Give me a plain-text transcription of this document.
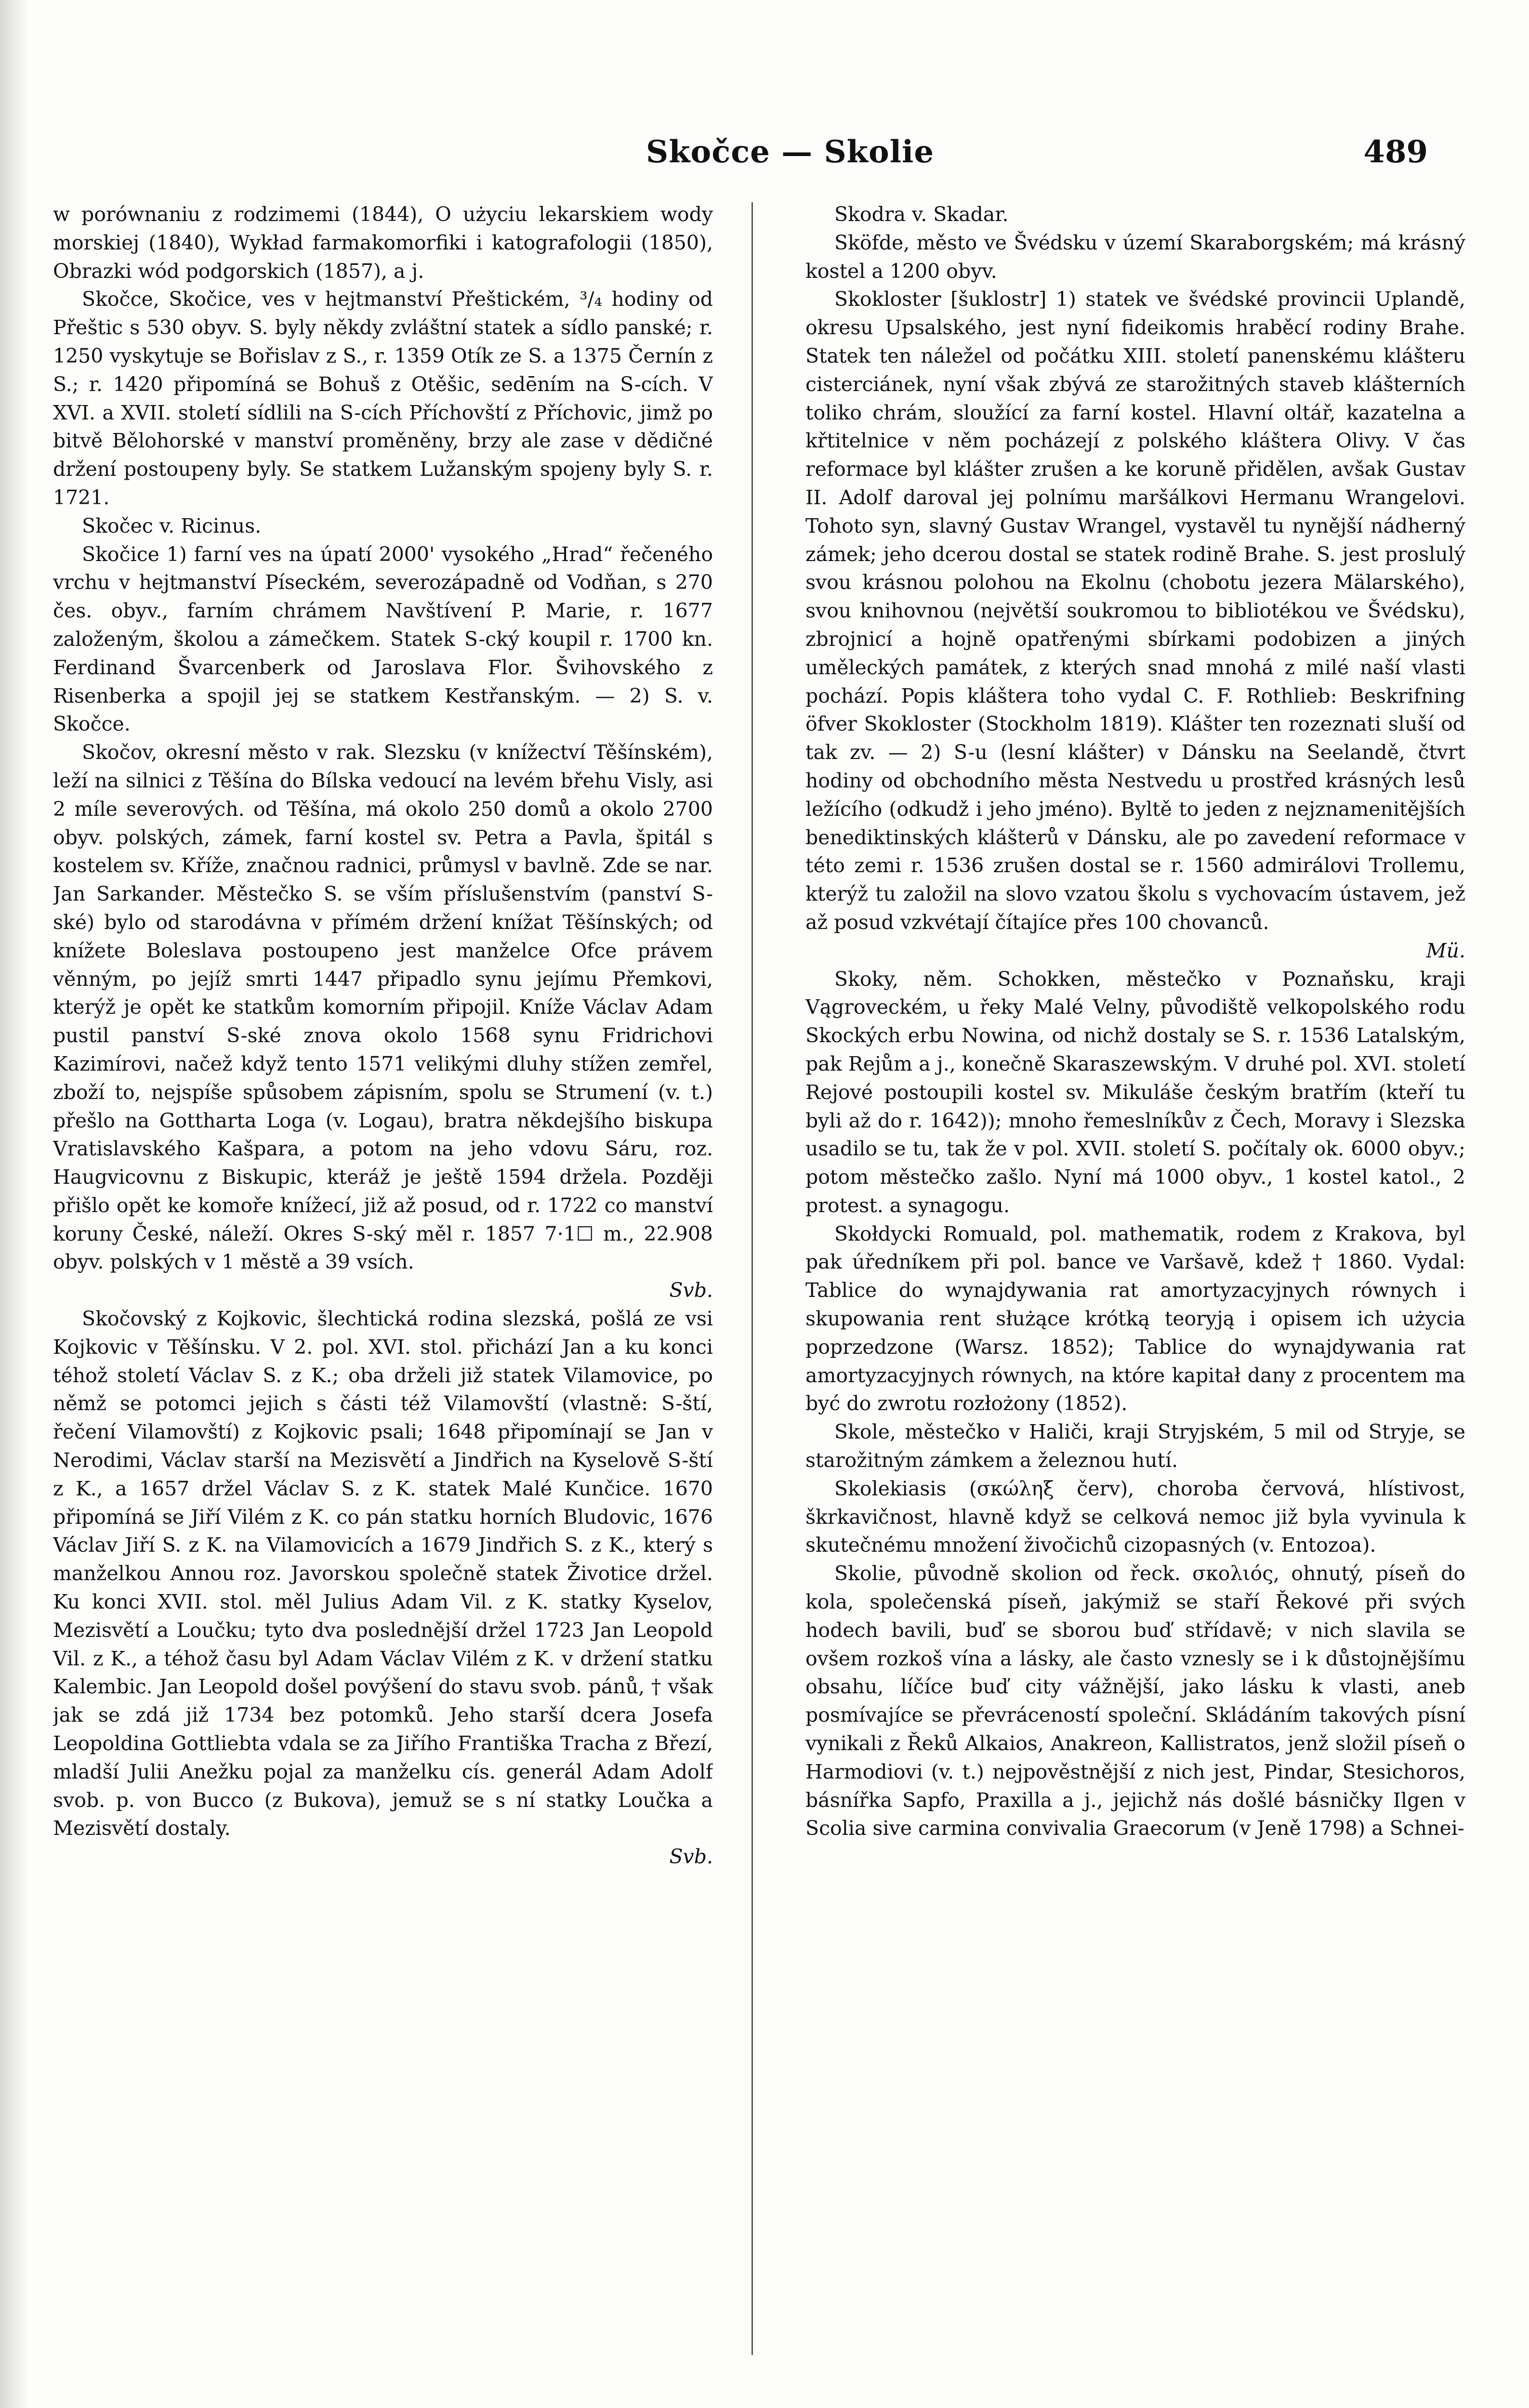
Skočce — Skolie	489

w porównaniu z rodzimemi (1844), O użyciu lekarskiem wody morskiej (1840), Wykład farmakomorfiki i katografologii (1850), Obrazki wód podgorskich (1857), a j.

Skočce, Skočice, ves v hejtmanství Přeštickém, ³/₄ hodiny od Přeštic s 530 obyv. S. byly někdy zvláštní statek a sídlo panské; r. 1250 vyskytuje se Bořislav z S., r. 1359 Otík ze S. a 1375 Černín z S.; r. 1420 připomíná se Bohuš z Otěšic, sedēním na S-cích. V XVI. a XVII. století sídlili na S-cích Příchovští z Příchovic, jimž po bitvě Bělohorské v manství proměněny, brzy ale zase v dědičné držení postoupeny byly. Se statkem Lužanským spojeny byly S. r. 1721.

Skočec v. Ricinus.

Skočice 1) farní ves na úpatí 2000' vysokého „Hrad“ řečeného vrchu v hejtmanství Píseckém, severozápadně od Vodňan, s 270 čes. obyv., farním chrámem Navštívení P. Marie, r. 1677 založeným, školou a zámečkem. Statek S-cký koupil r. 1700 kn. Ferdinand Švarcenberk od Jaroslava Flor. Švihovského z Risenberka a spojil jej se statkem Kestřanským. — 2) S. v. Skočce.

Skočov, okresní město v rak. Slezsku (v knížectví Těšínském), leží na silnici z Těšína do Bílska vedoucí na levém břehu Visly, asi 2 míle severových. od Těšína, má okolo 250 domů a okolo 2700 obyv. polských, zámek, farní kostel sv. Petra a Pavla, špitál s kostelem sv. Kříže, značnou radnici, průmysl v bavlně. Zde se nar. Jan Sarkander. Městečko S. se vším příslušenstvím (panství S-ské) bylo od starodávna v přímém držení knížat Těšínských; od knížete Boleslava postoupeno jest manželce Ofce právem věnným, po jejíž smrti 1447 připadlo synu jejímu Přemkovi, kterýž je opět ke statkům komorním připojil. Kníže Václav Adam pustil panství S-ské znova okolo 1568 synu Fridrichovi Kazimírovi, načež když tento 1571 velikými dluhy stížen zemřel, zboží to, nejspíše spůsobem zápisním, spolu se Strumení (v. t.) přešlo na Gottharta Loga (v. Logau), bratra někdejšího biskupa Vratislavského Kašpara, a potom na jeho vdovu Sáru, roz. Haugvicovnu z Biskupic, kteráž je ještě 1594 držela. Později přišlo opět ke komoře knížecí, již až posud, od r. 1722 co manství koruny České, náleží. Okres S-ský měl r. 1857 7·1☐ m., 22.908 obyv. polských v 1 městě a 39 vsích.

Svb.

Skočovský z Kojkovic, šlechtická rodina slezská, pošlá ze vsi Kojkovic v Těšínsku. V 2. pol. XVI. stol. přichází Jan a ku konci téhož století Václav S. z K.; oba drželi již statek Vilamovice, po němž se potomci jejich s části též Vilamovští (vlastně: S-ští, řečení Vilamovští) z Kojkovic psali; 1648 připomínají se Jan v Nerodimi, Václav starší na Mezisvětí a Jindřich na Kyselově S-ští z K., a 1657 držel Václav S. z K. statek Malé Kunčice. 1670 připomíná se Jiří Vilém z K. co pán statku horních Bludovic, 1676 Václav Jiří S. z K. na Vilamovicích a 1679 Jindřich S. z K., který s manželkou Annou roz. Javorskou společně statek Životice držel. Ku konci XVII. stol. měl Julius Adam Vil. z K. statky Kyselov, Mezisvětí a Loučku; tyto dva poslednější držel 1723 Jan Leopold Vil. z K., a téhož času byl Adam Václav Vilém z K. v držení statku Kalembic. Jan Leopold došel povýšení do stavu svob. pánů, † však jak se zdá již 1734 bez potomků. Jeho starší dcera Josefa Leopoldina Gottliebta vdala se za Jiřího Františka Tracha z Březí, mladší Julii Anežku pojal za manželku cís. generál Adam Adolf svob. p. von Bucco (z Bukova), jemuž se s ní statky Loučka a Mezisvětí dostaly.

Svb.

Skodra v. Skadar.

Sköfde, město ve Švédsku v území Skaraborgském; má krásný kostel a 1200 obyv.

Skokloster [šuklostr] 1) statek ve švédské provincii Uplandě, okresu Upsalského, jest nyní fideikomis hraběcí rodiny Brahe. Statek ten náležel od počátku XIII. století panenskému klášteru cisterciánek, nyní však zbývá ze starožitných staveb klášterních toliko chrám, sloužící za farní kostel. Hlavní oltář, kazatelna a křtitelnice v něm pocházejí z polského kláštera Olivy. V čas reformace byl klášter zrušen a ke koruně přidělen, avšak Gustav II. Adolf daroval jej polnímu maršálkovi Hermanu Wrangelovi. Tohoto syn, slavný Gustav Wrangel, vystavěl tu nynější nádherný zámek; jeho dcerou dostal se statek rodině Brahe. S. jest proslulý svou krásnou polohou na Ekolnu (chobotu jezera Mälarského), svou knihovnou (největší soukromou to bibliotékou ve Švédsku), zbrojnicí a hojně opatřenými sbírkami podobizen a jiných uměleckých památek, z kterých snad mnohá z milé naší vlasti pochází. Popis kláštera toho vydal C. F. Rothlieb: Beskrifning öfver Skokloster (Stockholm 1819). Klášter ten rozeznati sluší od tak zv. — 2) S-u (lesní klášter) v Dánsku na Seelandě, čtvrt hodiny od obchodního města Nestvedu u prostřed krásných lesů ležícího (odkudž i jeho jméno). Byltě to jeden z nejznamenitějších benediktinských klášterů v Dánsku, ale po zavedení reformace v této zemi r. 1536 zrušen dostal se r. 1560 admirálovi Trollemu, kterýž tu založil na slovo vzatou školu s vychovacím ústavem, jež až posud vzkvétají čítajíce přes 100 chovanců.

Mü.

Skoky, něm. Schokken, městečko v Poznaňsku, kraji Vągroveckém, u řeky Malé Velny, původiště velkopolského rodu Skockých erbu Nowina, od nichž dostaly se S. r. 1536 Latalským, pak Rejům a j., konečně Skaraszewským. V druhé pol. XVI. století Rejové postoupili kostel sv. Mikuláše českým bratřím (kteří tu byli až do r. 1642)); mnoho řemeslníkův z Čech, Moravy i Slezska usadilo se tu, tak že v pol. XVII. století S. počítaly ok. 6000 obyv.; potom městečko zašlo. Nyní má 1000 obyv., 1 kostel katol., 2 protest. a synagogu.

Skołdycki Romuald, pol. mathematik, rodem z Krakova, byl pak úředníkem při pol. bance ve Varšavě, kdež † 1860. Vydal: Tablice do wynajdywania rat amortyzacyjnych równych i skupowania rent służące krótką teoryją i opisem ich użycia poprzedzone (Warsz. 1852); Tablice do wynajdywania rat amortyzacyjnych równych, na które kapitał dany z procentem ma być do zwrotu rozłożony (1852).

Skole, městečko v Haliči, kraji Stryjském, 5 mil od Stryje, se starožitným zámkem a železnou hutí.

Skolekiasis (σκώληξ červ), choroba červová, hlístivost, škrkavičnost, hlavně když se celková nemoc již byla vyvinula k skutečnému množení živočichů cizopasných (v. Entozoa).

Skolie, původně skolion od řeck. σκολιός, ohnutý, píseň do kola, společenská píseň, jakýmiž se staří Řekové při svých hodech bavili, buď se sborou buď střídavě; v nich slavila se ovšem rozkoš vína a lásky, ale často vznesly se i k důstojnějšímu obsahu, líčíce buď city vážnější, jako lásku k vlasti, aneb posmívajíce se převráceností společní. Skládáním takových písní vynikali z Řeků Alkaios, Anakreon, Kallistratos, jenž složil píseň o Harmodiovi (v. t.) nejpověstnější z nich jest, Pindar, Stesichoros, básnířka Sapfo, Praxilla a j., jejichž nás došlé básničky Ilgen v Scolia sive carmina convivalia Graecorum (v Jeně 1798) a Schnei-
